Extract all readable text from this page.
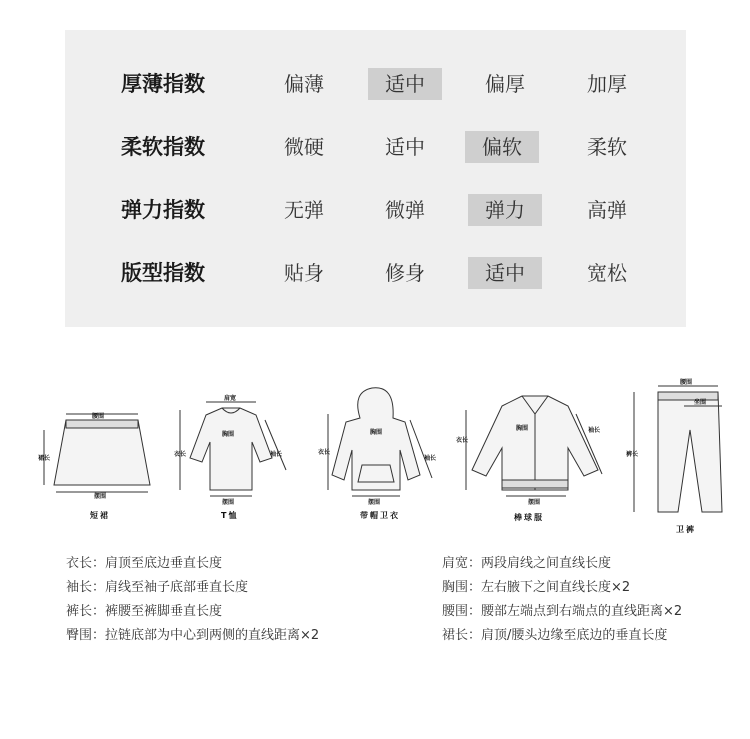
厚薄指数	偏薄	适中	偏厚	加厚
柔软指数	微硬	适中	偏软	柔软
弹力指数	无弹	微弹	弹力	高弹
版型指数	贴身	修身	适中	宽松
腰围
裙长
摆围
肩宽
胸围
衣长	袖长
摆围
胸围
衣长
袖长
摆围
胸围
衣长
袖长
摆围
腰围
坐围
裤长
短裙	T恤	带帽卫衣	棒球服
卫裤
衣长：肩顶至底边垂直长度
袖长：肩线至袖子底部垂直长度
裤长：裤腰至裤脚垂直长度
臀围：拉链底部为中心到两侧的直线距离×2
肩宽：两段肩线之间直线长度
胸围：左右腋下之间直线长度×2
腰围：腰部左端点到右端点的直线距离×2
裙长：肩顶/腰头边缘至底边的垂直长度
